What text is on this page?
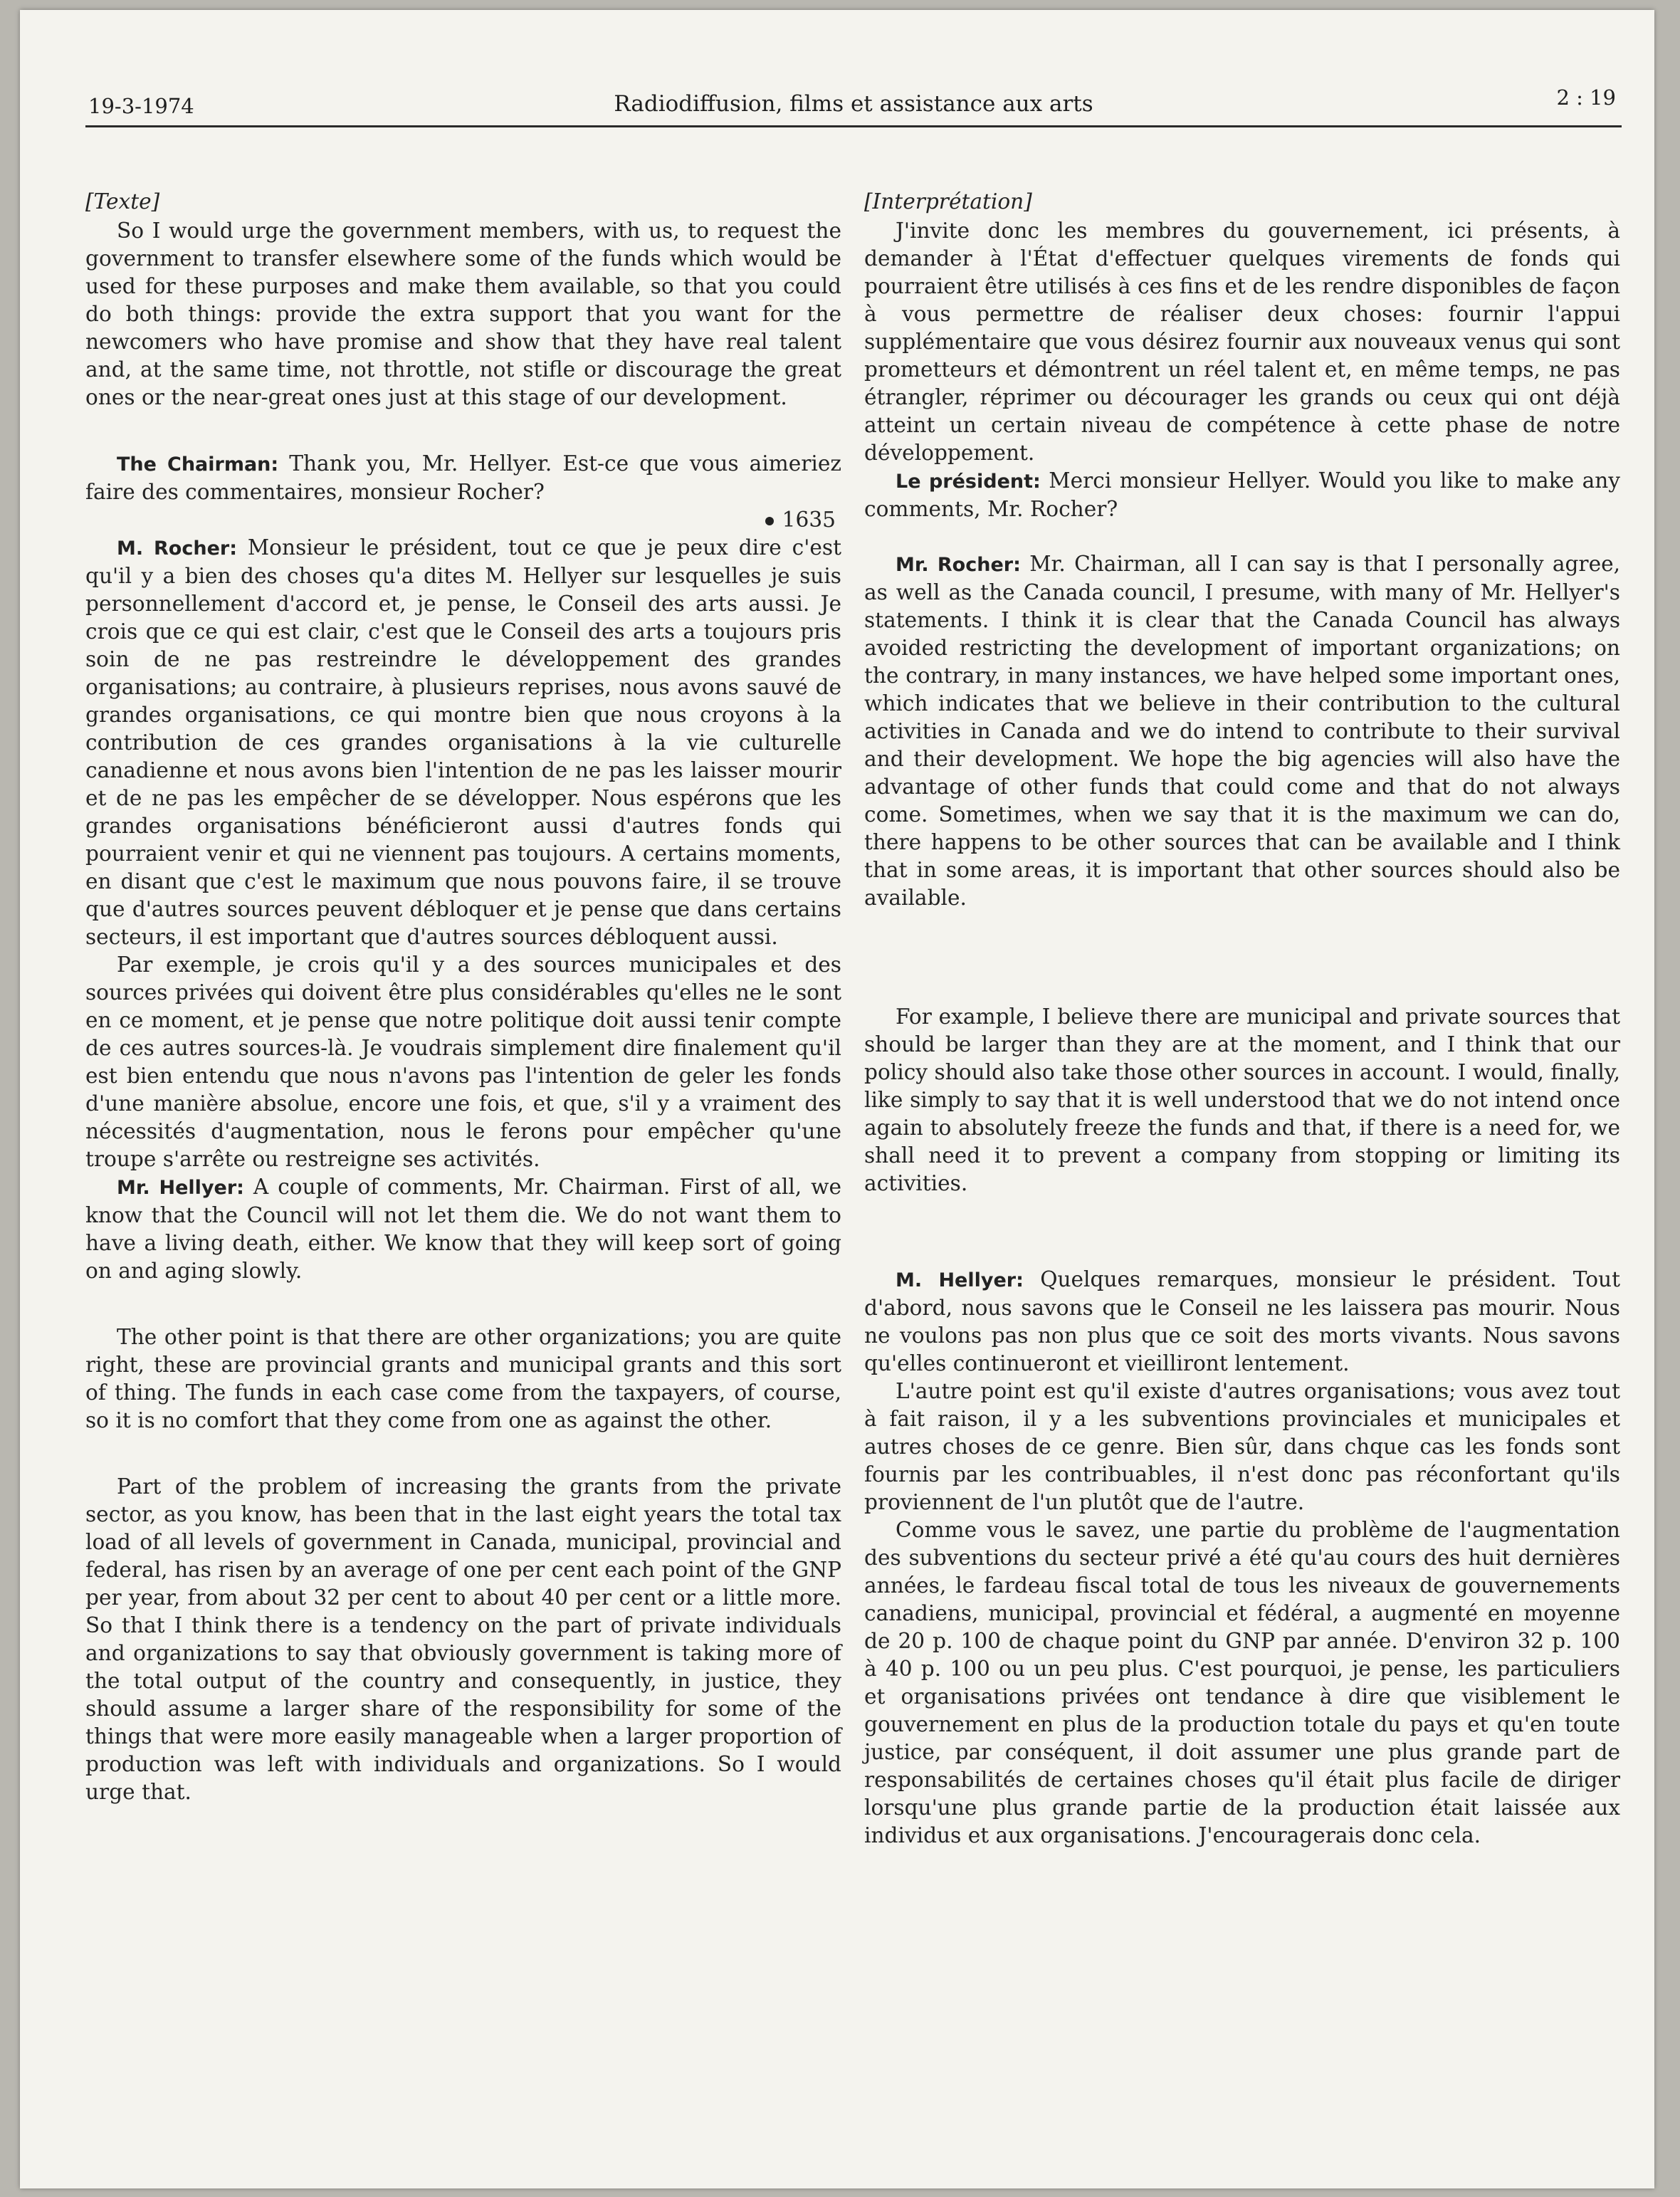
19-3-1974	Radiodiffusion, films et assistance aux arts	2 : 19

[Texte]

So I would urge the government members, with us, to request the government to transfer elsewhere some of the funds which would be used for these purposes and make them available, so that you could do both things: provide the extra support that you want for the newcomers who have promise and show that they have real talent and, at the same time, not throttle, not stifle or discourage the great ones or the near-great ones just at this stage of our development.

The Chairman: Thank you, Mr. Hellyer. Est-ce que vous aimeriez faire des commentaires, monsieur Rocher?

1635

M. Rocher: Monsieur le président, tout ce que je peux dire c'est qu'il y a bien des choses qu'a dites M. Hellyer sur lesquelles je suis personnellement d'accord et, je pense, le Conseil des arts aussi. Je crois que ce qui est clair, c'est que le Conseil des arts a toujours pris soin de ne pas restreindre le développement des grandes organisations; au contraire, à plusieurs reprises, nous avons sauvé de grandes organisations, ce qui montre bien que nous croyons à la contribution de ces grandes organisations à la vie culturelle canadienne et nous avons bien l'intention de ne pas les laisser mourir et de ne pas les empêcher de se développer. Nous espérons que les grandes organisations bénéficieront aussi d'autres fonds qui pourraient venir et qui ne viennent pas toujours. A certains moments, en disant que c'est le maximum que nous pouvons faire, il se trouve que d'autres sources peuvent débloquer et je pense que dans certains secteurs, il est important que d'autres sources débloquent aussi.

Par exemple, je crois qu'il y a des sources municipales et des sources privées qui doivent être plus considérables qu'elles ne le sont en ce moment, et je pense que notre politique doit aussi tenir compte de ces autres sources-là. Je voudrais simplement dire finalement qu'il est bien entendu que nous n'avons pas l'intention de geler les fonds d'une manière absolue, encore une fois, et que, s'il y a vraiment des nécessités d'augmentation, nous le ferons pour empêcher qu'une troupe s'arrête ou restreigne ses activités.

Mr. Hellyer: A couple of comments, Mr. Chairman. First of all, we know that the Council will not let them die. We do not want them to have a living death, either. We know that they will keep sort of going on and aging slowly.

The other point is that there are other organizations; you are quite right, these are provincial grants and municipal grants and this sort of thing. The funds in each case come from the taxpayers, of course, so it is no comfort that they come from one as against the other.

Part of the problem of increasing the grants from the private sector, as you know, has been that in the last eight years the total tax load of all levels of government in Canada, municipal, provincial and federal, has risen by an average of one per cent each point of the GNP per year, from about 32 per cent to about 40 per cent or a little more. So that I think there is a tendency on the part of private individuals and organizations to say that obviously government is taking more of the total output of the country and consequently, in justice, they should assume a larger share of the responsibility for some of the things that were more easily manageable when a larger proportion of production was left with individuals and organizations. So I would urge that.

[Interprétation]

J'invite donc les membres du gouvernement, ici présents, à demander à l'État d'effectuer quelques virements de fonds qui pourraient être utilisés à ces fins et de les rendre disponibles de façon à vous permettre de réaliser deux choses: fournir l'appui supplémentaire que vous désirez fournir aux nouveaux venus qui sont prometteurs et démontrent un réel talent et, en même temps, ne pas étrangler, réprimer ou décourager les grands ou ceux qui ont déjà atteint un certain niveau de compétence à cette phase de notre développement.

Le président: Merci monsieur Hellyer. Would you like to make any comments, Mr. Rocher?

Mr. Rocher: Mr. Chairman, all I can say is that I personally agree, as well as the Canada council, I presume, with many of Mr. Hellyer's statements. I think it is clear that the Canada Council has always avoided restricting the development of important organizations; on the contrary, in many instances, we have helped some important ones, which indicates that we believe in their contribution to the cultural activities in Canada and we do intend to contribute to their survival and their development. We hope the big agencies will also have the advantage of other funds that could come and that do not always come. Sometimes, when we say that it is the maximum we can do, there happens to be other sources that can be available and I think that in some areas, it is important that other sources should also be available.

For example, I believe there are municipal and private sources that should be larger than they are at the moment, and I think that our policy should also take those other sources in account. I would, finally, like simply to say that it is well understood that we do not intend once again to absolutely freeze the funds and that, if there is a need for, we shall need it to prevent a company from stopping or limiting its activities.

M. Hellyer: Quelques remarques, monsieur le président. Tout d'abord, nous savons que le Conseil ne les laissera pas mourir. Nous ne voulons pas non plus que ce soit des morts vivants. Nous savons qu'elles continueront et vieilliront lentement.

L'autre point est qu'il existe d'autres organisations; vous avez tout à fait raison, il y a les subventions provinciales et municipales et autres choses de ce genre. Bien sûr, dans chque cas les fonds sont fournis par les contribuables, il n'est donc pas réconfortant qu'ils proviennent de l'un plutôt que de l'autre.

Comme vous le savez, une partie du problème de l'augmentation des subventions du secteur privé a été qu'au cours des huit dernières années, le fardeau fiscal total de tous les niveaux de gouvernements canadiens, municipal, provincial et fédéral, a augmenté en moyenne de 20 p. 100 de chaque point du GNP par année. D'environ 32 p. 100 à 40 p. 100 ou un peu plus. C'est pourquoi, je pense, les particuliers et organisations privées ont tendance à dire que visiblement le gouvernement en plus de la production totale du pays et qu'en toute justice, par conséquent, il doit assumer une plus grande part de responsabilités de certaines choses qu'il était plus facile de diriger lorsqu'une plus grande partie de la production était laissée aux individus et aux organisations. J'encouragerais donc cela.
